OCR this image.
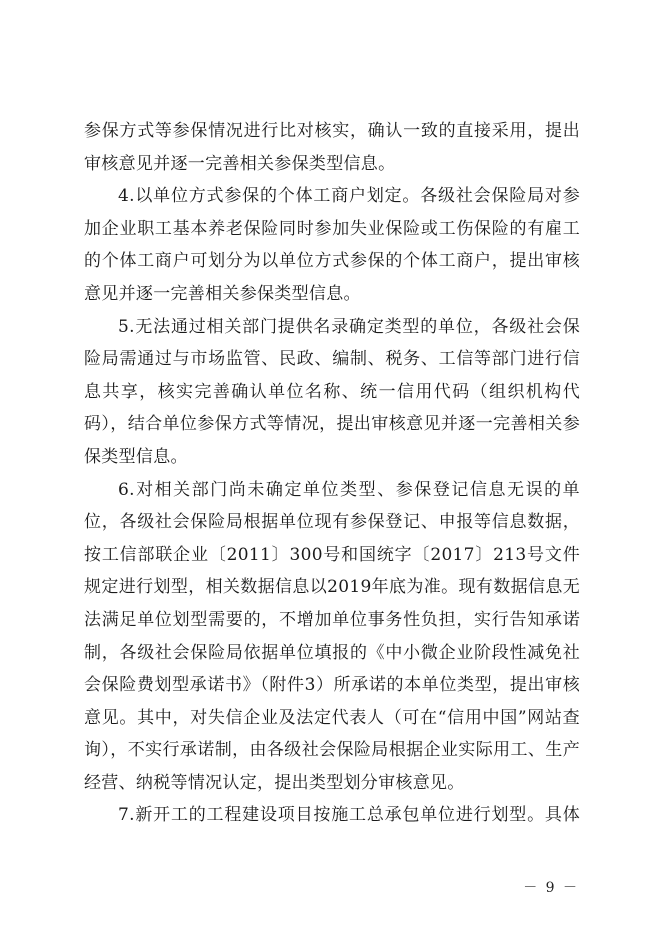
参保方式等参保情况进行比对核实，确认一致的直接采用，提出审核意见并逐一完善相关参保类型信息。

4.以单位方式参保的个体工商户划定。各级社会保险局对参加企业职工基本养老保险同时参加失业保险或工伤保险的有雇工的个体工商户可划分为以单位方式参保的个体工商户，提出审核意见并逐一完善相关参保类型信息。

5.无法通过相关部门提供名录确定类型的单位，各级社会保险局需通过与市场监管、民政、编制、税务、工信等部门进行信息共享，核实完善确认单位名称、统一信用代码（组织机构代码），结合单位参保方式等情况，提出审核意见并逐一完善相关参保类型信息。

6.对相关部门尚未确定单位类型、参保登记信息无误的单位，各级社会保险局根据单位现有参保登记、申报等信息数据，按工信部联企业〔2011〕300号和国统字〔2017〕213号文件规定进行划型，相关数据信息以2019年底为准。现有数据信息无法满足单位划型需要的，不增加单位事务性负担，实行告知承诺制，各级社会保险局依据单位填报的《中小微企业阶段性减免社会保险费划型承诺书》（附件3）所承诺的本单位类型，提出审核意见。其中，对失信企业及法定代表人（可在“信用中国”网站查询），不实行承诺制，由各级社会保险局根据企业实际用工、生产经营、纳税等情况认定，提出类型划分审核意见。

7.新开工的工程建设项目按施工总承包单位进行划型。具体

－ 9 －
